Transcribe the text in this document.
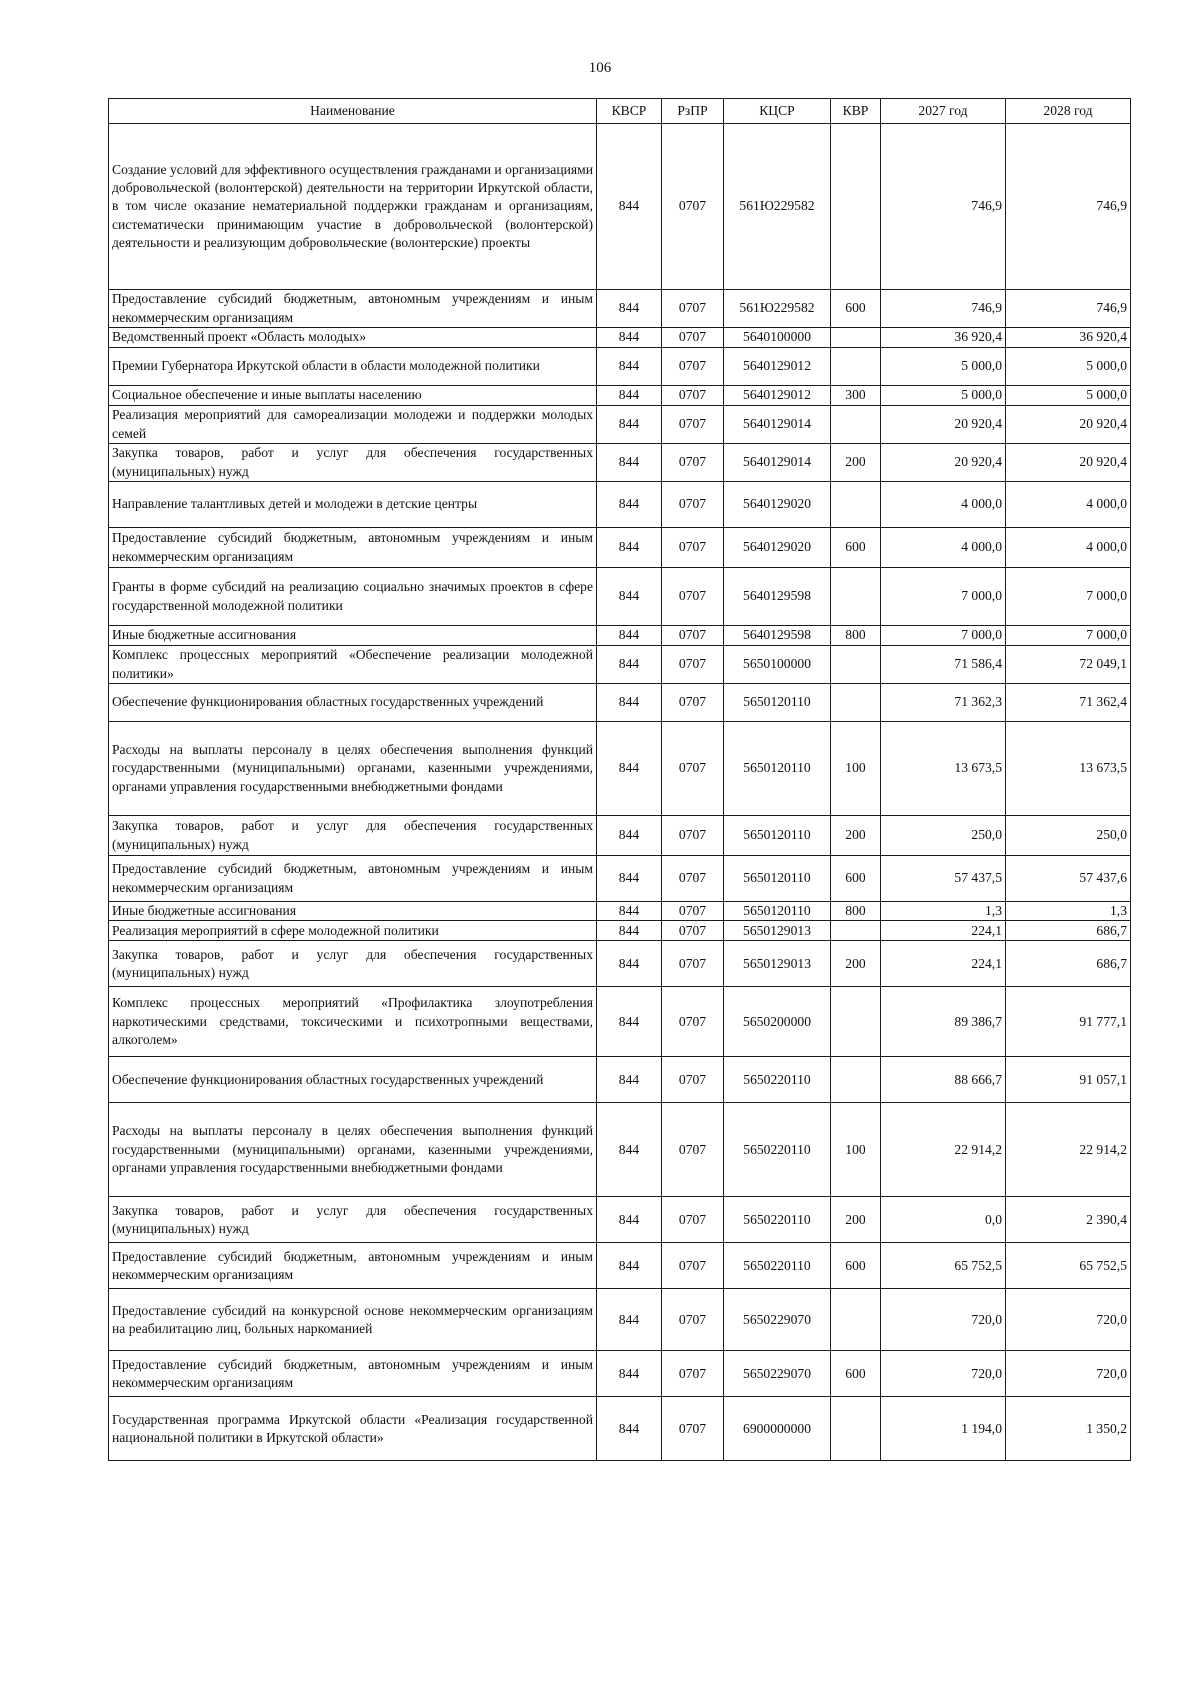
106
Наименование	КВСР	РзПР	КЦСР	КВР	2027 год	2028 год
Создание условий для эффективного осуществления гражданами и организациями добровольческой (волонтерской) деятельности на территории Иркутской области, в том числе оказание нематериальной поддержки гражданам и организациям, систематически принимающим участие в добровольческой (волонтерской) деятельности и реализующим добровольческие (волонтерские) проекты	844	0707	561Ю229582		746,9	746,9
Предоставление субсидий бюджетным, автономным учреждениям и иным некоммерческим организациям	844	0707	561Ю229582	600	746,9	746,9
Ведомственный проект «Область молодых»	844	0707	5640100000		36 920,4	36 920,4
Премии Губернатора Иркутской области в области молодежной политики	844	0707	5640129012		5 000,0	5 000,0
Социальное обеспечение и иные выплаты населению	844	0707	5640129012	300	5 000,0	5 000,0
Реализация мероприятий для самореализации молодежи и поддержки молодых семей	844	0707	5640129014		20 920,4	20 920,4
Закупка товаров, работ и услуг для обеспечения государственных (муниципальных) нужд	844	0707	5640129014	200	20 920,4	20 920,4
Направление талантливых детей и молодежи в детские центры	844	0707	5640129020		4 000,0	4 000,0
Предоставление субсидий бюджетным, автономным учреждениям и иным некоммерческим организациям	844	0707	5640129020	600	4 000,0	4 000,0
Гранты в форме субсидий на реализацию социально значимых проектов в сфере государственной молодежной политики	844	0707	5640129598		7 000,0	7 000,0
Иные бюджетные ассигнования	844	0707	5640129598	800	7 000,0	7 000,0
Комплекс процессных мероприятий «Обеспечение реализации молодежной политики»	844	0707	5650100000		71 586,4	72 049,1
Обеспечение функционирования областных государственных учреждений	844	0707	5650120110		71 362,3	71 362,4
Расходы на выплаты персоналу в целях обеспечения выполнения функций государственными (муниципальными) органами, казенными учреждениями, органами управления государственными внебюджетными фондами	844	0707	5650120110	100	13 673,5	13 673,5
Закупка товаров, работ и услуг для обеспечения государственных (муниципальных) нужд	844	0707	5650120110	200	250,0	250,0
Предоставление субсидий бюджетным, автономным учреждениям и иным некоммерческим организациям	844	0707	5650120110	600	57 437,5	57 437,6
Иные бюджетные ассигнования	844	0707	5650120110	800	1,3	1,3
Реализация мероприятий в сфере молодежной политики	844	0707	5650129013		224,1	686,7
Закупка товаров, работ и услуг для обеспечения государственных (муниципальных) нужд	844	0707	5650129013	200	224,1	686,7
Комплекс процессных мероприятий «Профилактика злоупотребления наркотическими средствами, токсическими и психотропными веществами, алкоголем»	844	0707	5650200000		89 386,7	91 777,1
Обеспечение функционирования областных государственных учреждений	844	0707	5650220110		88 666,7	91 057,1
Расходы на выплаты персоналу в целях обеспечения выполнения функций государственными (муниципальными) органами, казенными учреждениями, органами управления государственными внебюджетными фондами	844	0707	5650220110	100	22 914,2	22 914,2
Закупка товаров, работ и услуг для обеспечения государственных (муниципальных) нужд	844	0707	5650220110	200	0,0	2 390,4
Предоставление субсидий бюджетным, автономным учреждениям и иным некоммерческим организациям	844	0707	5650220110	600	65 752,5	65 752,5
Предоставление субсидий на конкурсной основе некоммерческим организациям на реабилитацию лиц, больных наркоманией	844	0707	5650229070		720,0	720,0
Предоставление субсидий бюджетным, автономным учреждениям и иным некоммерческим организациям	844	0707	5650229070	600	720,0	720,0
Государственная программа Иркутской области «Реализация государственной национальной политики в Иркутской области»	844	0707	6900000000		1 194,0	1 350,2
